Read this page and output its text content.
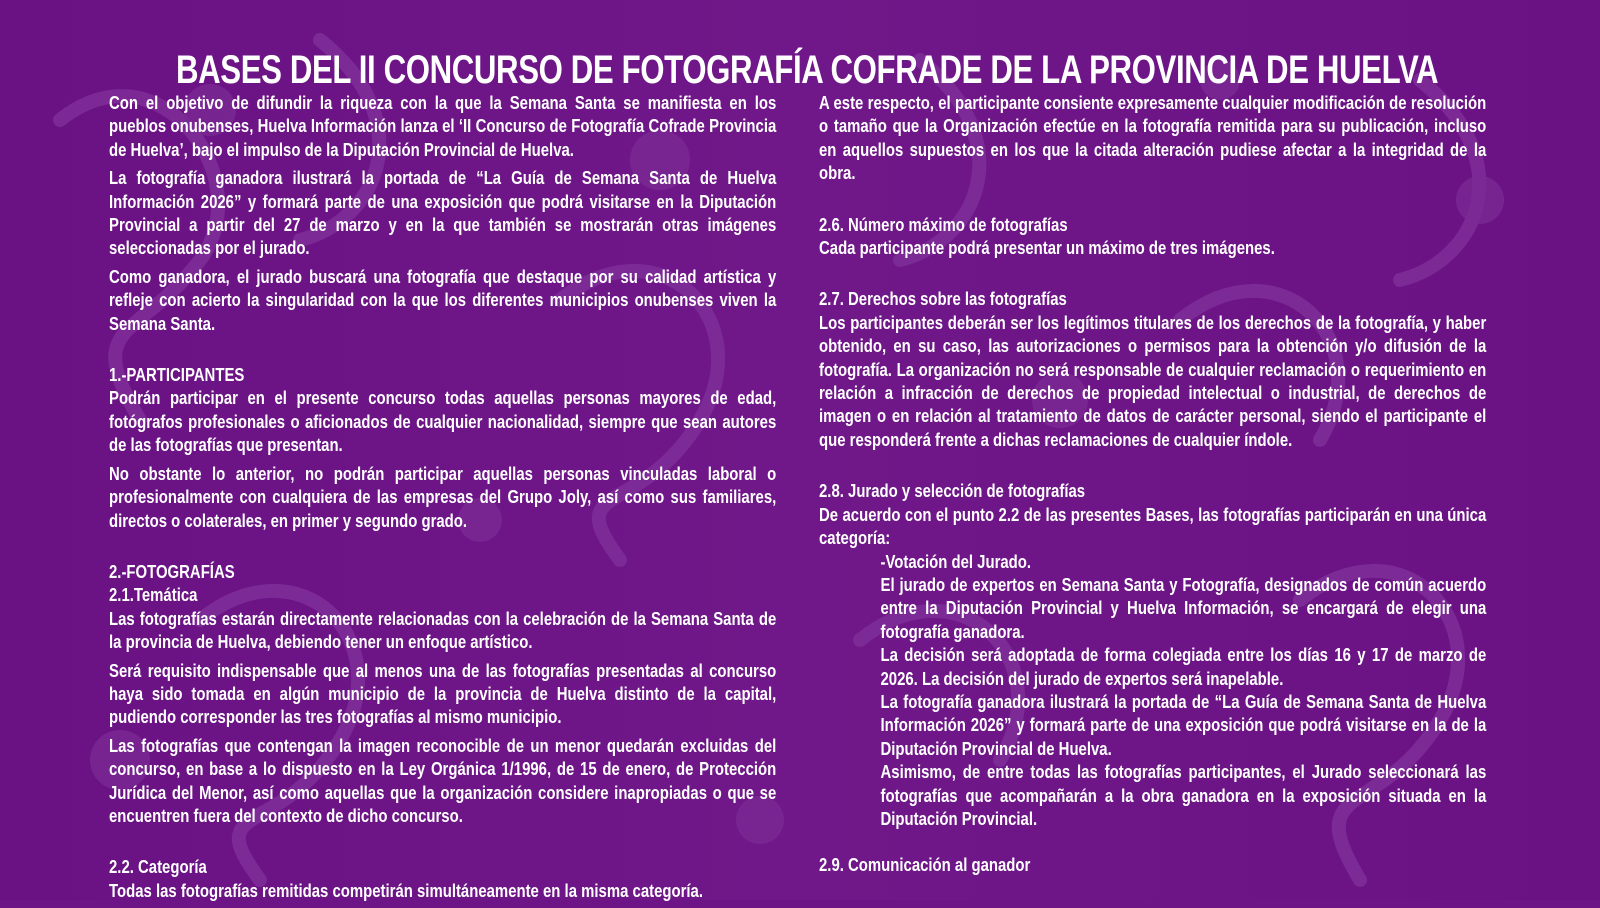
BASES DEL II CONCURSO DE FOTOGRAFÍA COFRADE DE LA PROVINCIA DE HUELVA

Con el objetivo de difundir la riqueza con la que la Semana Santa se manifiesta en los pueblos onubenses, Huelva Información lanza el ‘II Concurso de Fotografía Cofrade Provincia de Huelva’, bajo el impulso de la Diputación Provincial de Huelva.

La fotografía ganadora ilustrará la portada de “La Guía de Semana Santa de Huelva Información 2026” y formará parte de una exposición que podrá visitarse en la Diputación Provincial a partir del 27 de marzo y en la que también se mostrarán otras imágenes seleccionadas por el jurado.

Como ganadora, el jurado buscará una fotografía que destaque por su calidad artística y refleje con acierto la singularidad con la que los diferentes municipios onubenses viven la Semana Santa.

1.-PARTICIPANTES

Podrán participar en el presente concurso todas aquellas personas mayores de edad, fotógrafos profesionales o aficionados de cualquier nacionalidad, siempre que sean autores de las fotografías que presentan.

No obstante lo anterior, no podrán participar aquellas personas vinculadas laboral o profesionalmente con cualquiera de las empresas del Grupo Joly, así como sus familiares, directos o colaterales, en primer y segundo grado.

2.-FOTOGRAFÍAS

2.1.Temática

Las fotografías estarán directamente relacionadas con la celebración de la Semana Santa de la provincia de Huelva, debiendo tener un enfoque artístico.

Será requisito indispensable que al menos una de las fotografías presentadas al concurso haya sido tomada en algún municipio de la provincia de Huelva distinto de la capital, pudiendo corresponder las tres fotografías al mismo municipio.

Las fotografías que contengan la imagen reconocible de un menor quedarán excluidas del concurso, en base a lo dispuesto en la Ley Orgánica 1/1996, de 15 de enero, de Protección Jurídica del Menor, así como aquellas que la organización considere inapropiadas o que se encuentren fuera del contexto de dicho concurso.

2.2. Categoría

Todas las fotografías remitidas competirán simultáneamente en la misma categoría.

A este respecto, el participante consiente expresamente cualquier modificación de resolución o tamaño que la Organización efectúe en la fotografía remitida para su publicación, incluso en aquellos supuestos en los que la citada alteración pudiese afectar a la integridad de la obra.

2.6. Número máximo de fotografías

Cada participante podrá presentar un máximo de tres imágenes.

2.7. Derechos sobre las fotografías

Los participantes deberán ser los legítimos titulares de los derechos de la fotografía, y haber obtenido, en su caso, las autorizaciones o permisos para la obtención y/o difusión de la fotografía. La organización no será responsable de cualquier reclamación o requerimiento en relación a infracción de derechos de propiedad intelectual o industrial, de derechos de imagen o en relación al tratamiento de datos de carácter personal, siendo el participante el que responderá frente a dichas reclamaciones de cualquier índole.

2.8. Jurado y selección de fotografías

De acuerdo con el punto 2.2 de las presentes Bases, las fotografías participarán en una única categoría:

-Votación del Jurado.

El jurado de expertos en Semana Santa y Fotografía, designados de común acuerdo entre la Diputación Provincial y Huelva Información, se encargará de elegir una fotografía ganadora.

La decisión será adoptada de forma colegiada entre los días 16 y 17 de marzo de 2026. La decisión del jurado de expertos será inapelable.

La fotografía ganadora ilustrará la portada de “La Guía de Semana Santa de Huelva Información 2026” y formará parte de una exposición que podrá visitarse en la de la Diputación Provincial de Huelva.

Asimismo, de entre todas las fotografías participantes, el Jurado seleccionará las fotografías que acompañarán a la obra ganadora en la exposición situada en la Diputación Provincial.

2.9. Comunicación al ganador
